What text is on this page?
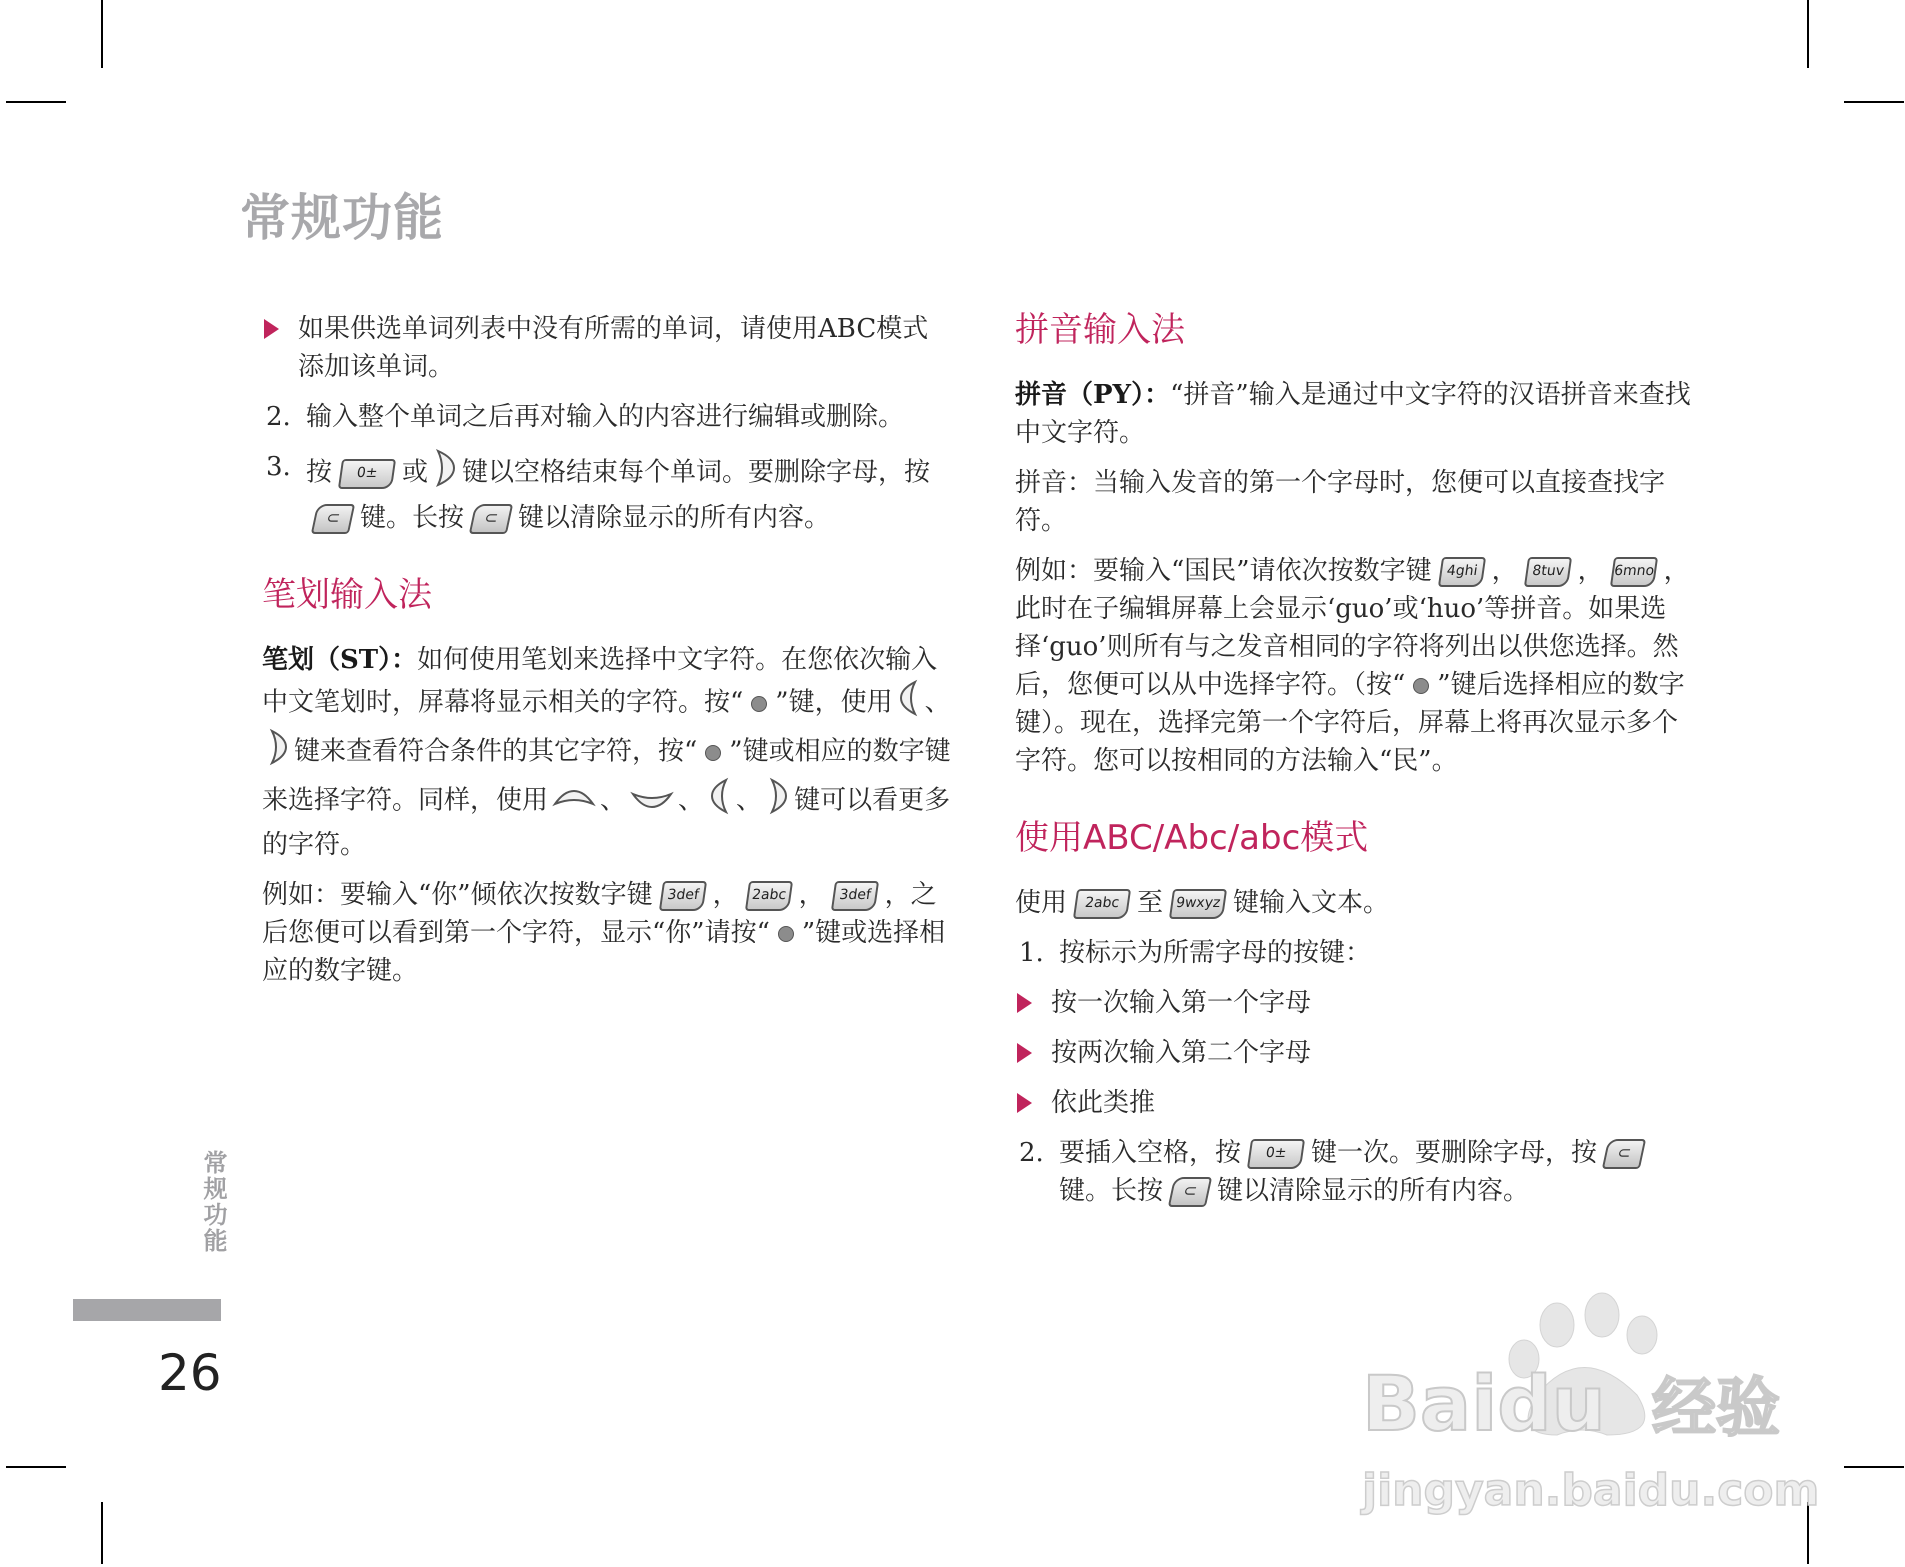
常规功能
如果供选单词列表中没有所需的单词，请使用ABC模式添加该单词。
2. 输入整个单词之后再对输入的内容进行编辑或删除。
3. 按 0± 或 键以空格结束每个单词。要删除字母，按⊂ 键。长按 ⊂ 键以清除显示的所有内容。
笔划输入法

笔划（ST）：如何使用笔划来选择中文字符。在您依次输入中文笔划时，屏幕将显示相关的字符。按“ ”键，使用 、键来查看符合条件的其它字符，按“ ”键或相应的数字键来选择字符。同样，使用 、 、 、 键可以看更多的字符。

例如：要输入“你”倾依次按数字键 3def ， 2abc ， 3def ，之后您便可以看到第一个字符，显示“你”请按“ ”键或选择相应的数字键。

拼音输入法

拼音（PY）：“拼音”输入是通过中文字符的汉语拼音来查找中文字符。

拼音：当输入发音的第一个字母时，您便可以直接查找字符。

例如：要输入“国民”请依次按数字键 4ghi ， 8tuv ， 6mno ，此时在子编辑屏幕上会显示‘guo’或‘huo’等拼音。如果选择‘guo’则所有与之发音相同的字符将列出以供您选择。然后，您便可以从中选择字符。（按“ ”键后选择相应的数字键）。现在，选择完第一个字符后，屏幕上将再次显示多个字符。您可以按相同的方法输入“民”。

使用ABC/Abc/abc模式

使用 2abc 至 9wxyz 键输入文本。

1. 按标示为所需字母的按键：
按一次输入第一个字母
按两次输入第二个字母
依此类推
2. 要插入空格，按 0± 键一次。要删除字母，按 ⊂键。长按 ⊂ 键以清除显示的所有内容。
常规功能
26	Baidu 经验
jingyan.baidu.com
